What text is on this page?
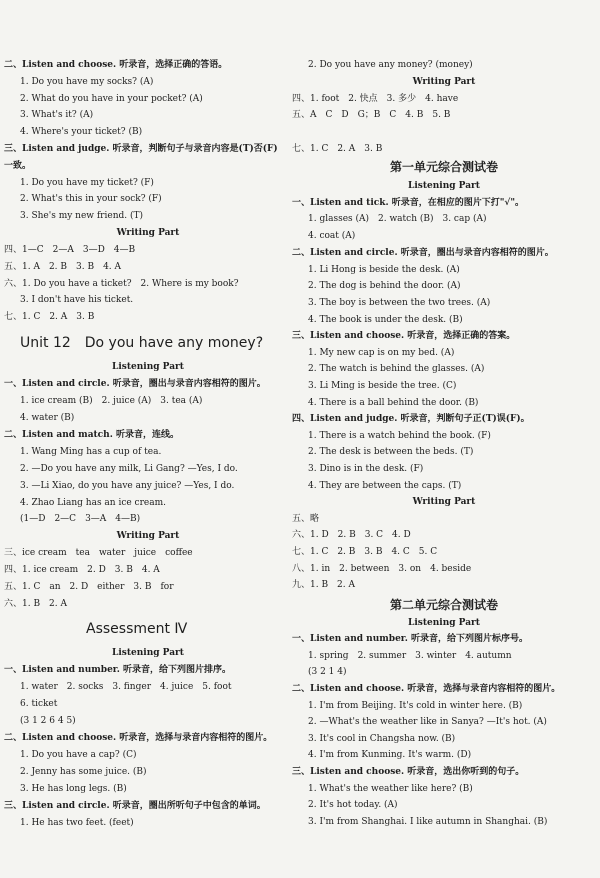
二、Listen and choose. 听录音，选择正确的答语。
1. Do you have my socks? (A)
2. What do you have in your pocket? (A)
3. What's it? (A)
4. Where's your ticket? (B)
三、Listen and judge. 听录音，判断句子与录音内容是(T)否(F)
一致。
1. Do you have my ticket? (F)
2. What's this in your sock? (F)
3. She's my new friend. (T)
Writing Part
四、1—C　2—A　3—D　4—B
五、1. A　2. B　3. B　4. A
六、1. Do you have a ticket?　2. Where is my book?
3. I don't have his ticket.
七、1. C　2. A　3. B
Unit 12　Do you have any money?
Listening Part
一、Listen and circle. 听录音，圈出与录音内容相符的图片。
1. ice cream (B)　2. juice (A)　3. tea (A)
4. water (B)
二、Listen and match. 听录音，连线。
1. Wang Ming has a cup of tea.
2. —Do you have any milk, Li Gang? —Yes, I do.
3. —Li Xiao, do you have any juice? —Yes, I do.
4. Zhao Liang has an ice cream.
(1—D　2—C　3—A　4—B)
Writing Part
三、ice cream　tea　water　juice　coffee
四、1. ice cream　2. D　3. B　4. A
五、1. C　an　2. D　either　3. B　for
六、1. B　2. A
Assessment Ⅳ
Listening Part
一、Listen and number. 听录音，给下列图片排序。
1. water　2. socks　3. finger　4. juice　5. foot
6. ticket
(3 1 2 6 4 5)
二、Listen and choose. 听录音，选择与录音内容相符的图片。
1. Do you have a cap? (C)
2. Jenny has some juice. (B)
3. He has long legs. (B)
三、Listen and circle. 听录音，圈出所听句子中包含的单词。
1. He has two feet. (feet)
2. Do you have any money? (money)
Writing Part
四、1. foot　2. 快点　3. 多少　4. have
五、A　C　D　G；B　C　4. B　5. B
七、1. C　2. A　3. B
第一单元综合测试卷
Listening Part
一、Listen and tick. 听录音，在相应的图片下打"√"。
1. glasses (A)　2. watch (B)　3. cap (A)
4. coat (A)
二、Listen and circle. 听录音，圈出与录音内容相符的图片。
1. Li Hong is beside the desk. (A)
2. The dog is behind the door. (A)
3. The boy is between the two trees. (A)
4. The book is under the desk. (B)
三、Listen and choose. 听录音，选择正确的答案。
1. My new cap is on my bed. (A)
2. The watch is behind the glasses. (A)
3. Li Ming is beside the tree. (C)
4. There is a ball behind the door. (B)
四、Listen and judge. 听录音，判断句子正(T)误(F)。
1. There is a watch behind the book. (F)
2. The desk is between the beds. (T)
3. Dino is in the desk. (F)
4. They are between the caps. (T)
Writing Part
五、略
六、1. D　2. B　3. C　4. D
七、1. C　2. B　3. B　4. C　5. C
八、1. in　2. between　3. on　4. beside
九、1. B　2. A
第二单元综合测试卷
Listening Part
一、Listen and number. 听录音，给下列图片标序号。
1. spring　2. summer　3. winter　4. autumn
(3 2 1 4)
二、Listen and choose. 听录音，选择与录音内容相符的图片。
1. I'm from Beijing. It's cold in winter here. (B)
2. —What's the weather like in Sanya? —It's hot. (A)
3. It's cool in Changsha now. (B)
4. I'm from Kunming. It's warm. (D)
三、Listen and choose. 听录音，选出你听到的句子。
1. What's the weather like here? (B)
2. It's hot today. (A)
3. I'm from Shanghai. I like autumn in Shanghai. (B)
